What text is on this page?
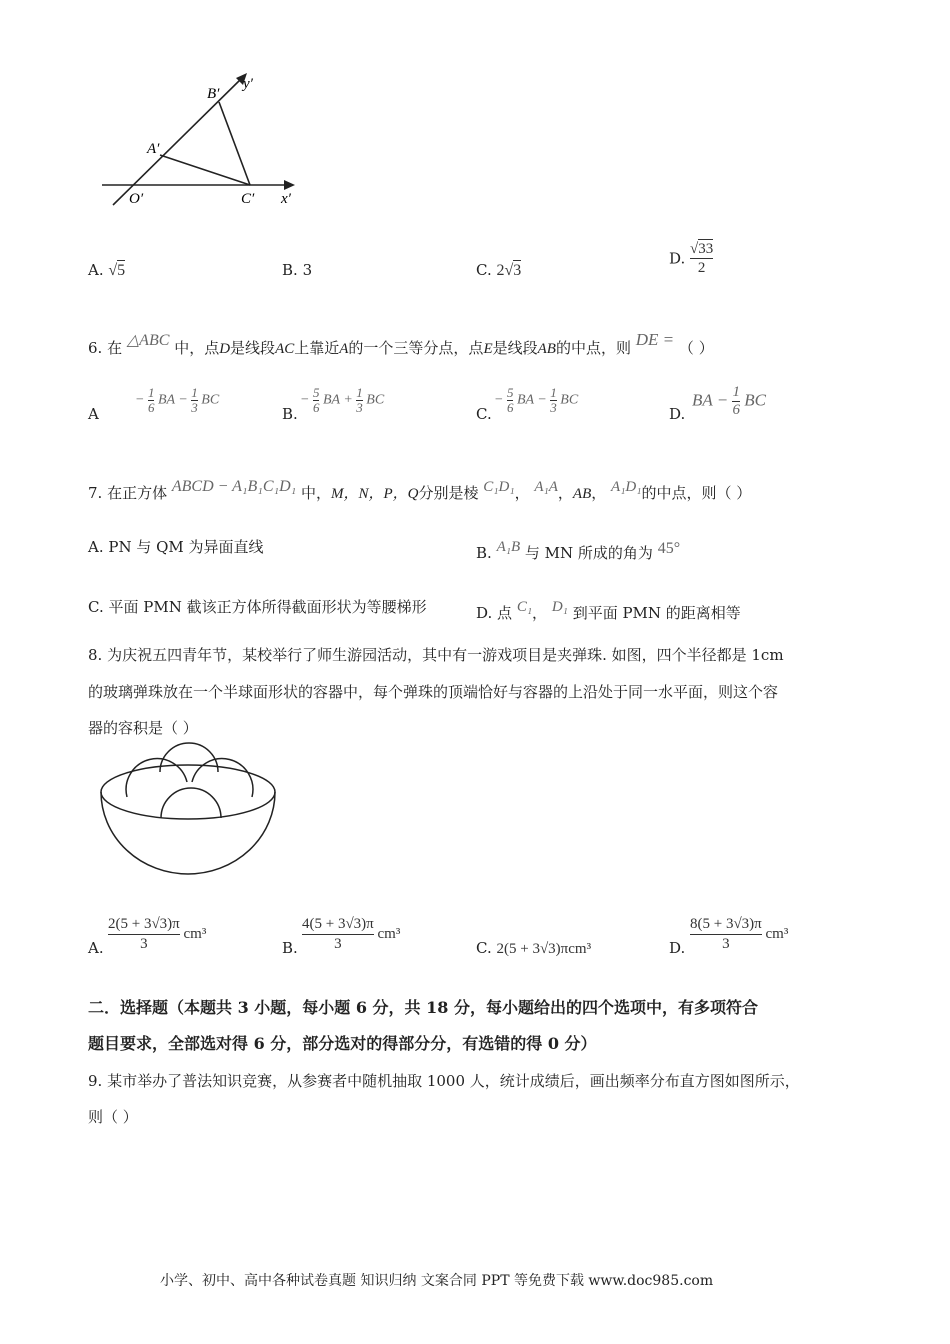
B′
y′
A′
O′	C′ x′
A. √5	B. 3	C. 2√3
D. $\frac{√33}{2}$
6. 在 △ABC 中，点D是线段AC上靠近A的一个三等分点，点E是线段AB的中点，则 DE = （ ）
A
− $\frac{1}{6}$ BA − $\frac{1}{3}$ BC
B.
− $\frac{5}{6}$ BA + $\frac{1}{3}$ BC
C.
− $\frac{5}{6}$ BA − $\frac{1}{3}$ BC
D.
BA − $\frac{1}{6}$ BC
7. 在正方体 ABCD − A₁B₁C₁D₁ 中，M，N，P，Q分别是棱 C₁D₁， A₁A，AB， A₁D₁的中点，则（ ）
A. PN 与 QM 为异面直线	B. A₁B 与 MN 所成的角为 45°
C. 平面 PMN 截该正方体所得截面形状为等腰梯形	D. 点 C₁， D₁ 到平面 PMN 的距离相等
8. 为庆祝五四青年节，某校举行了师生游园活动，其中有一游戏项目是夹弹珠. 如图，四个半径都是 1cm
的玻璃弹珠放在一个半球面形状的容器中，每个弹珠的顶端恰好与容器的上沿处于同一水平面，则这个容
器的容积是（ ）
A. $\frac{2(5 + 3√3)\pi}{3} cm^3$
B. $\frac{4(5 + 3√3)\pi}{3} cm^3$
C. 2(5 + 3√3)πcm³	D. $\frac{8(5 + 3√3)\pi}{3} cm^3$
二．选择题（本题共 3 小题，每小题 6 分，共 18 分，每小题给出的四个选项中，有多项符合
题目要求，全部选对得 6 分，部分选对的得部分分，有选错的得 0 分）
9. 某市举办了普法知识竞赛，从参赛者中随机抽取 1000 人，统计成绩后，画出频率分布直方图如图所示，
则（ ）
小学、初中、高中各种试卷真题 知识归纳 文案合同 PPT 等免费下载 www.doc985.com
